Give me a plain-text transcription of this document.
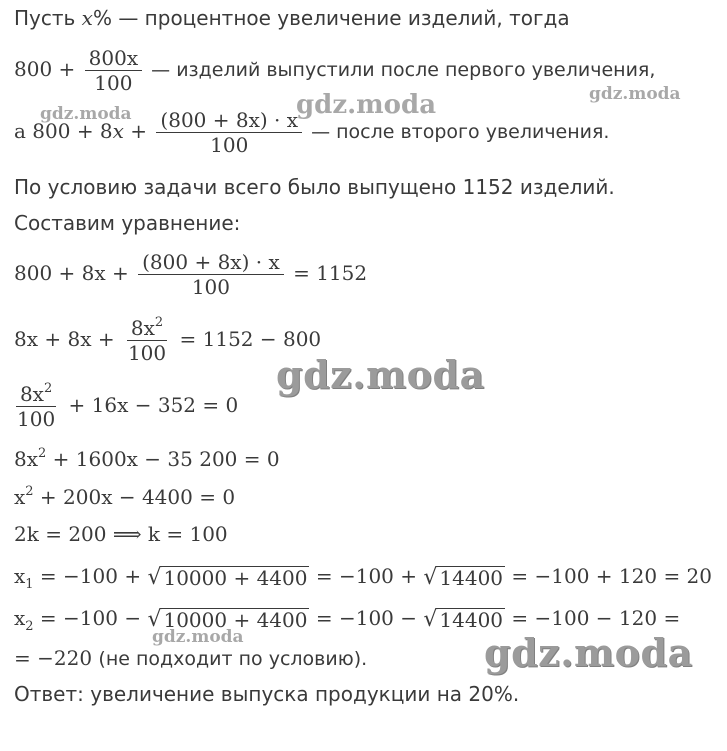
Пусть x% — процентное увеличение изделий, тогда
$800 + \frac{800x}{100}$ — изделий выпустили после первого увеличения,
а $800 + 8x + \frac{(800 + 8x) \cdot x}{100}$ — после второго увеличения.
По условию задачи всего было выпущено 1152 изделий.
Составим уравнение:
$800 + 8x + \frac{(800 + 8x) \cdot x}{100} = 1152$
$8x + 8x + \frac{8x^2}{100} = 1152 - 800$
$\frac{8x^2}{100} + 16x - 352 = 0$
$8x^2 + 1600x - 35$ 200 = 0
$x^2 + 200x - 4400 = 0$
2k = 200 ⟹ k = 100
$x_1 = -100$ + √ 10000 + 4400 = −100 + √ 14400 = −100 + 120 = 20
$x_2 = -100$ − √ 10000 + 4400 = −100 − √ 14400 = −100 − 120 =
= −220 (не подходит по условию).
Ответ: увеличение выпуска продукции на 20%.
gdz.moda	gdz.moda	gdz.moda
gdz.moda
gdz.moda	gdz.moda
